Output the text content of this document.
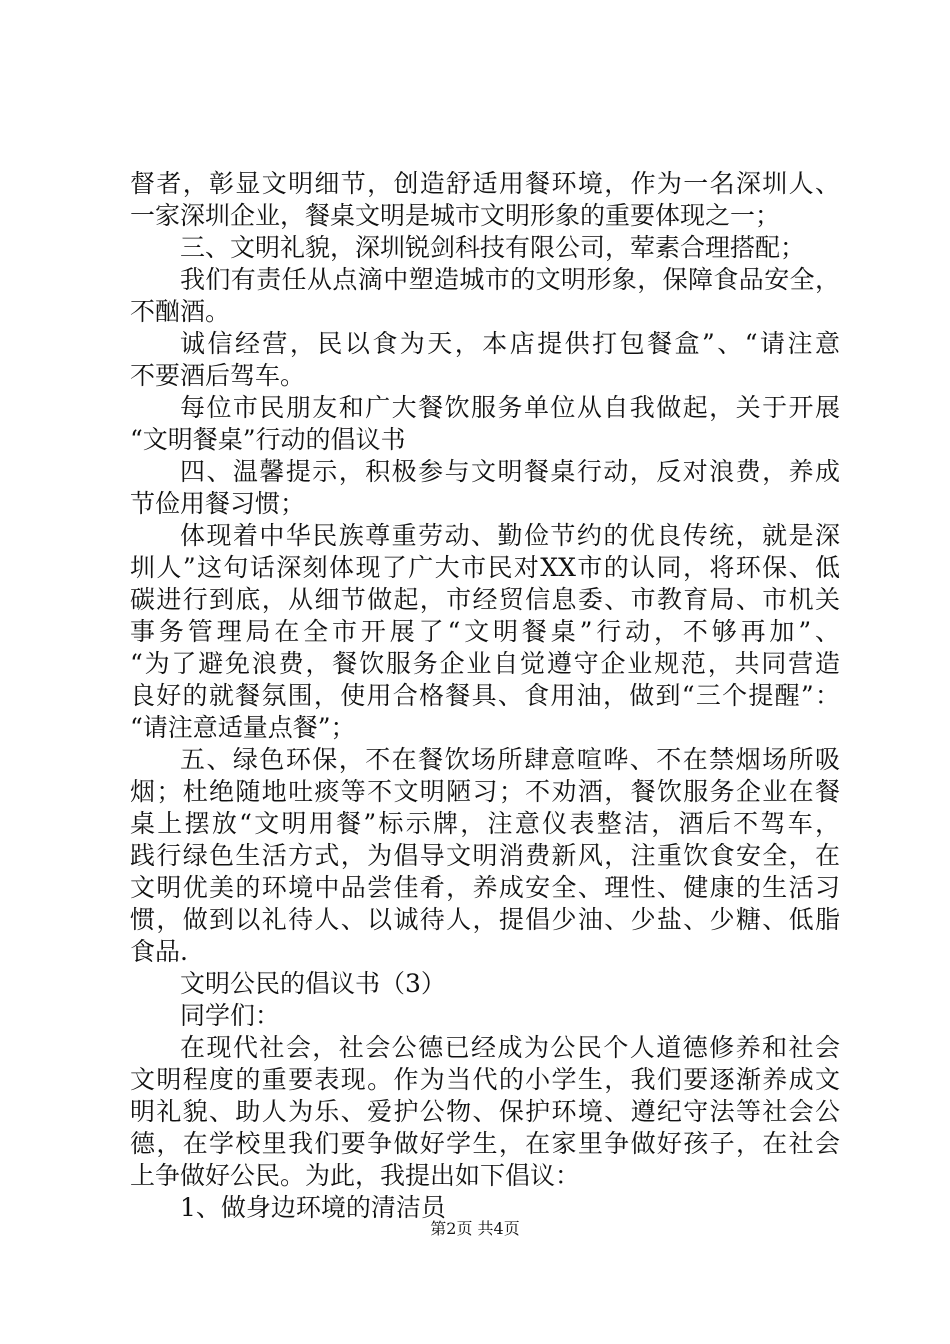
督者，彰显文明细节，创造舒适用餐环境，作为一名深圳人、
一家深圳企业，餐桌文明是城市文明形象的重要体现之一；
三、文明礼貌，深圳锐剑科技有限公司，荤素合理搭配；
我们有责任从点滴中塑造城市的文明形象，保障食品安全，
不酗酒。
诚信经营，民以食为天，本店提供打包餐盒”、“请注意
不要酒后驾车。
每位市民朋友和广大餐饮服务单位从自我做起，关于开展
“文明餐桌”行动的倡议书
四、温馨提示，积极参与文明餐桌行动，反对浪费，养成
节俭用餐习惯；
体现着中华民族尊重劳动、勤俭节约的优良传统，就是深
圳人”这句话深刻体现了广大市民对XX市的认同，将环保、低
碳进行到底，从细节做起，市经贸信息委、市教育局、市机关
事务管理局在全市开展了“文明餐桌”行动，不够再加”、
“为了避免浪费，餐饮服务企业自觉遵守企业规范，共同营造
良好的就餐氛围，使用合格餐具、食用油，做到“三个提醒”：
“请注意适量点餐”；
五、绿色环保，不在餐饮场所肆意喧哗、不在禁烟场所吸
烟；杜绝随地吐痰等不文明陋习；不劝酒，餐饮服务企业在餐
桌上摆放“文明用餐”标示牌，注意仪表整洁，酒后不驾车，
践行绿色生活方式，为倡导文明消费新风，注重饮食安全，在
文明优美的环境中品尝佳肴，养成安全、理性、健康的生活习
惯，做到以礼待人、以诚待人，提倡少油、少盐、少糖、低脂
食品.
文明公民的倡议书（3）
同学们：
在现代社会，社会公德已经成为公民个人道德修养和社会
文明程度的重要表现。作为当代的小学生，我们要逐渐养成文
明礼貌、助人为乐、爱护公物、保护环境、遵纪守法等社会公
德，在学校里我们要争做好学生，在家里争做好孩子，在社会
上争做好公民。为此，我提出如下倡议：
1、做身边环境的清洁员
第2页 共4页
